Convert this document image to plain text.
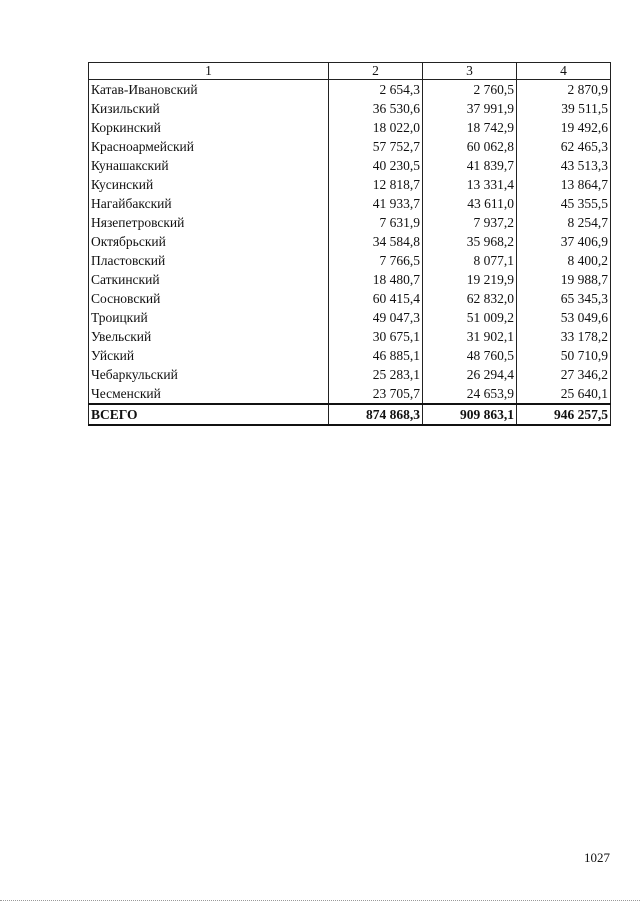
1	2	3	4
Катав-Ивановский	2 654,3	2 760,5	2 870,9
Кизильский	36 530,6	37 991,9	39 511,5
Коркинский	18 022,0	18 742,9	19 492,6
Красноармейский	57 752,7	60 062,8	62 465,3
Кунашакский	40 230,5	41 839,7	43 513,3
Кусинский	12 818,7	13 331,4	13 864,7
Нагайбакский	41 933,7	43 611,0	45 355,5
Нязепетровский	7 631,9	7 937,2	8 254,7
Октябрьский	34 584,8	35 968,2	37 406,9
Пластовский	7 766,5	8 077,1	8 400,2
Саткинский	18 480,7	19 219,9	19 988,7
Сосновский	60 415,4	62 832,0	65 345,3
Троицкий	49 047,3	51 009,2	53 049,6
Увельский	30 675,1	31 902,1	33 178,2
Уйский	46 885,1	48 760,5	50 710,9
Чебаркульский	25 283,1	26 294,4	27 346,2
Чесменский	23 705,7	24 653,9	25 640,1
ВСЕГО	874 868,3	909 863,1	946 257,5
1027
